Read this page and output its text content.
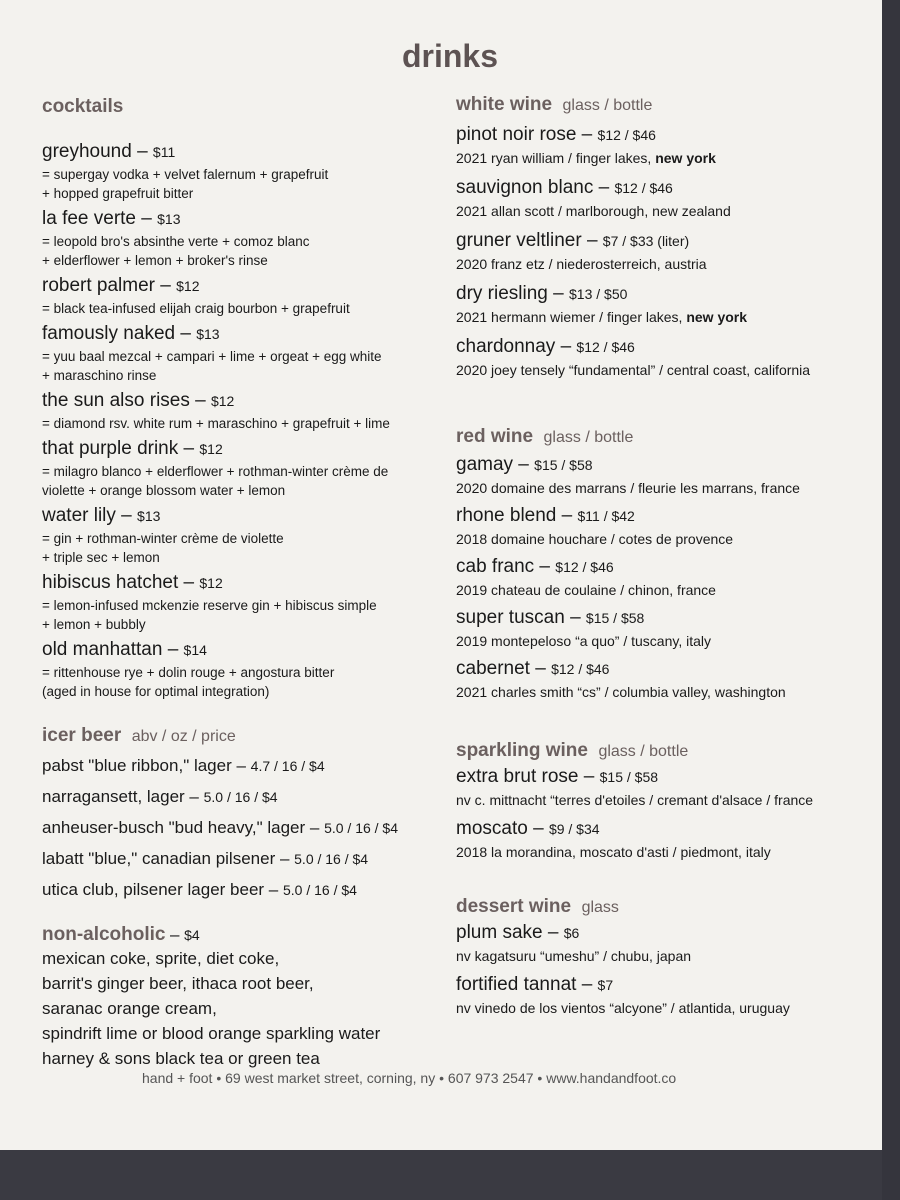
drinks
cocktails
greyhound – $11
= supergay vodka + velvet falernum + grapefruit
+ hopped grapefruit bitter
la fee verte – $13
= leopold bro's absinthe verte + comoz blanc
+ elderflower + lemon + broker's rinse
robert palmer – $12
= black tea-infused elijah craig bourbon + grapefruit
famously naked – $13
= yuu baal mezcal + campari + lime + orgeat + egg white
+ maraschino rinse
the sun also rises – $12
= diamond rsv. white rum + maraschino + grapefruit + lime
that purple drink – $12
= milagro blanco + elderflower + rothman-winter crème de
violette + orange blossom water + lemon
water lily – $13
= gin + rothman-winter crème de violette
+ triple sec + lemon
hibiscus hatchet – $12
= lemon-infused mckenzie reserve gin + hibiscus simple
+ lemon + bubbly
old manhattan – $14
= rittenhouse rye + dolin rouge + angostura bitter
(aged in house for optimal integration)
icer beer abv / oz / price
pabst "blue ribbon," lager – 4.7 / 16 / $4
narragansett, lager – 5.0 / 16 / $4
anheuser-busch "bud heavy," lager – 5.0 / 16 / $4
labatt "blue," canadian pilsener – 5.0 / 16 / $4
utica club, pilsener lager beer – 5.0 / 16 / $4
non-alcoholic – $4
mexican coke, sprite, diet coke,
barrit's ginger beer, ithaca root beer,
saranac orange cream,
spindrift lime or blood orange sparkling water
harney & sons black tea or green tea
white wine glass / bottle
pinot noir rose – $12 / $46
2021 ryan william / finger lakes, new york
sauvignon blanc – $12 / $46
2021 allan scott / marlborough, new zealand
gruner veltliner – $7 / $33 (liter)
2020 franz etz / niederosterreich, austria
dry riesling – $13 / $50
2021 hermann wiemer / finger lakes, new york
chardonnay – $12 / $46
2020 joey tensely “fundamental” / central coast, california
red wine glass / bottle
gamay – $15 / $58
2020 domaine des marrans / fleurie les marrans, france
rhone blend – $11 / $42
2018 domaine houchare / cotes de provence
cab franc – $12 / $46
2019 chateau de coulaine / chinon, france
super tuscan – $15 / $58
2019 montepeloso “a quo” / tuscany, italy
cabernet – $12 / $46
2021 charles smith “cs” / columbia valley, washington
sparkling wine glass / bottle
extra brut rose – $15 / $58
nv c. mittnacht “terres d'etoiles / cremant d'alsace / france
moscato – $9 / $34
2018 la morandina, moscato d'asti / piedmont, italy
dessert wine glass
plum sake – $6
nv kagatsuru “umeshu” / chubu, japan
fortified tannat – $7
nv vinedo de los vientos “alcyone” / atlantida, uruguay
hand + foot • 69 west market street, corning, ny • 607 973 2547 • www.handandfoot.co
